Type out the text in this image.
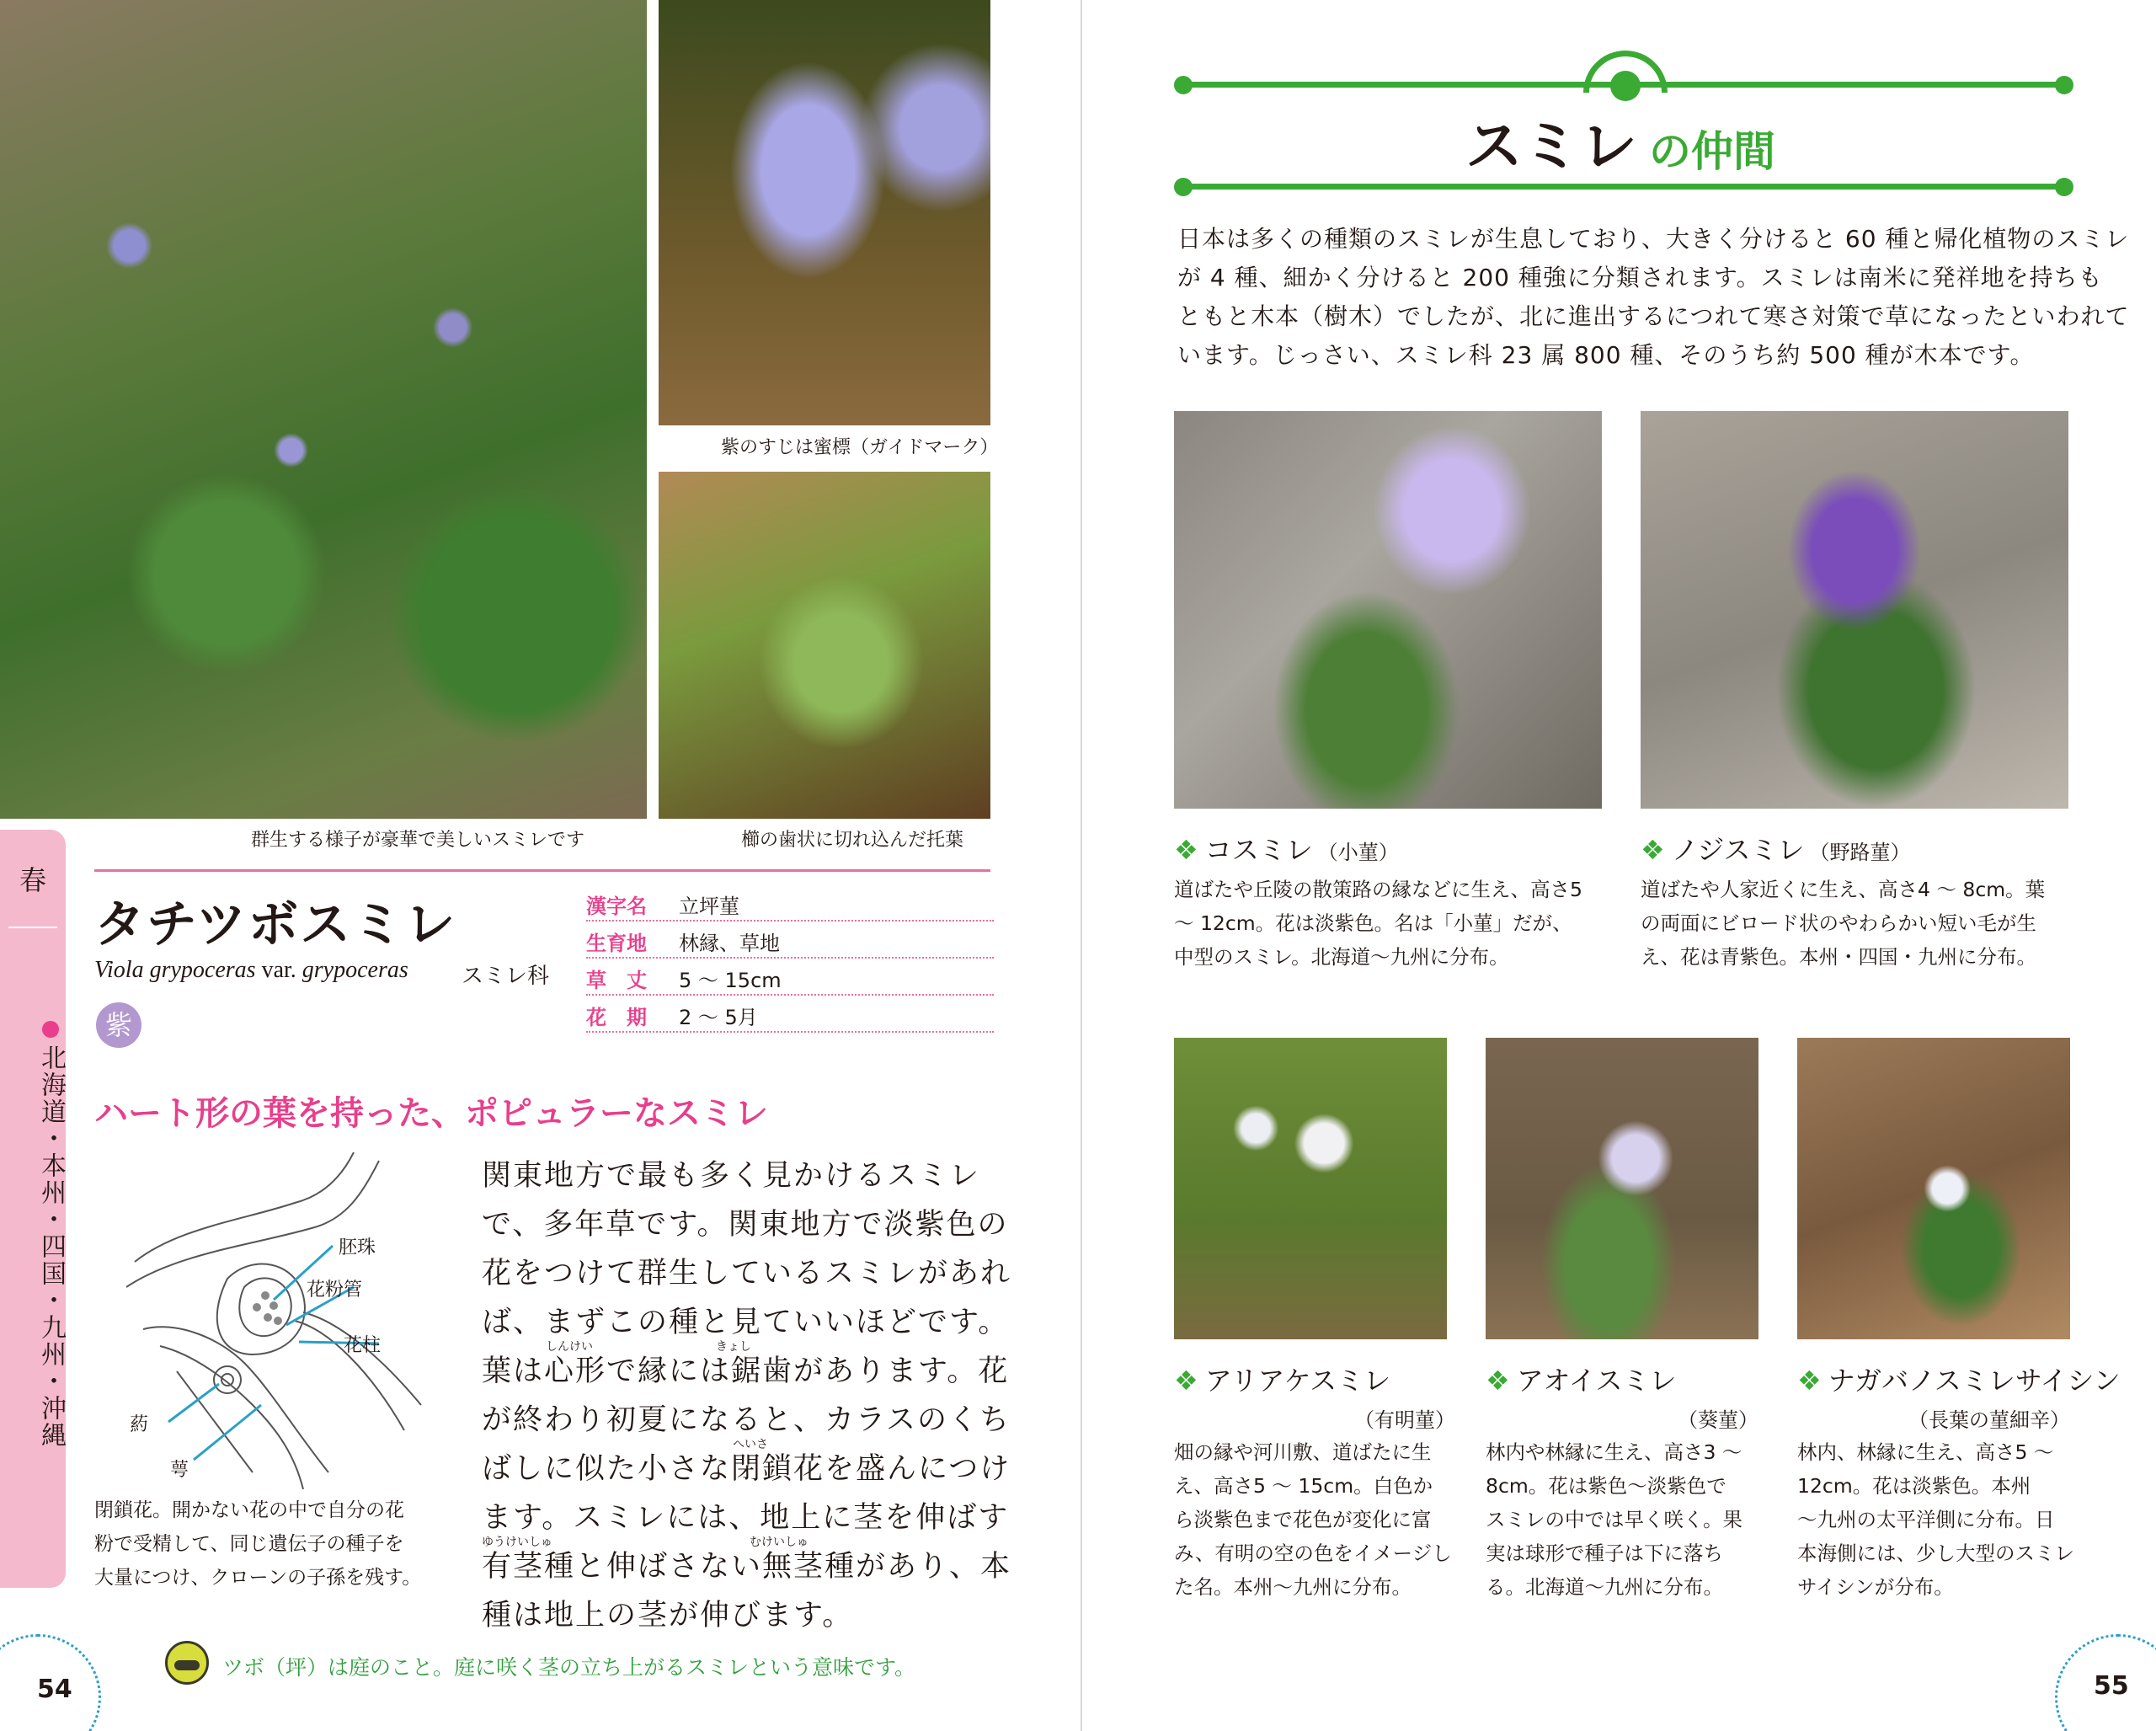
紫のすじは蜜標（ガイドマーク）
群生する様子が豪華で美しいスミレです	櫛の歯状に切れ込んだ托葉
春
北海道・本州・四国・九州・沖縄
タチツボスミレ
Viola grypoceras var. grypoceras スミレ科
紫
漢字名	立坪菫
生育地	林縁、草地
草丈 5 ～ 15cm
花期 2 ～ 5月
ハート形の葉を持った、ポピュラーなスミレ
関東地方で最も多く見かけるスミレ
で、多年草です。関東地方で淡紫色の
花をつけて群生しているスミレがあれ
ば、まずこの種と見ていいほどです。
しんけい	きょし
葉は心形で縁には鋸歯があります。花
が終わり初夏になると、カラスのくち
へいさ
ばしに似た小さな閉鎖花を盛んにつけ
ます。スミレには、地上に茎を伸ばす
ゆうけいしゅ	むけいしゅ
有茎種と伸ばさない無茎種があり、本
種は地上の茎が伸びます。
胚珠
花粉管
花柱
葯
萼
閉鎖花。開かない花の中で自分の花
粉で受精して、同じ遺伝子の種子を
大量につけ、クローンの子孫を残す。
ツボ（坪）は庭のこと。庭に咲く茎の立ち上がるスミレという意味です。
54
スミレ の仲間
日本は多くの種類のスミレが生息しており、大きく分けると 60 種と帰化植物のスミレ
が 4 種、細かく分けると 200 種強に分類されます。スミレは南米に発祥地を持ちも
ともと木本（樹木）でしたが、北に進出するにつれて寒さ対策で草になったといわれて
います。じっさい、スミレ科 23 属 800 種、そのうち約 500 種が木本です。
❖ コスミレ （小菫）
道ばたや丘陵の散策路の縁などに生え、高さ5
～ 12cm。花は淡紫色。名は「小菫」だが、
中型のスミレ。北海道～九州に分布。
❖ ノジスミレ （野路菫）
道ばたや人家近くに生え、高さ4 ～ 8cm。葉
の両面にビロード状のやわらかい短い毛が生
え、花は青紫色。本州・四国・九州に分布。
❖ アリアケスミレ
（有明菫）
畑の縁や河川敷、道ばたに生
え、高さ5 ～ 15cm。白色か
ら淡紫色まで花色が変化に富
み、有明の空の色をイメージし
た名。本州～九州に分布。
❖ アオイスミレ
（葵菫）
林内や林縁に生え、高さ3 ～
8cm。花は紫色～淡紫色で
スミレの中では早く咲く。果
実は球形で種子は下に落ち
る。北海道～九州に分布。
❖ ナガバノスミレサイシン
（長葉の菫細辛）
林内、林縁に生え、高さ5 ～
12cm。花は淡紫色。本州
～九州の太平洋側に分布。日
本海側には、少し大型のスミレ
サイシンが分布。
55
